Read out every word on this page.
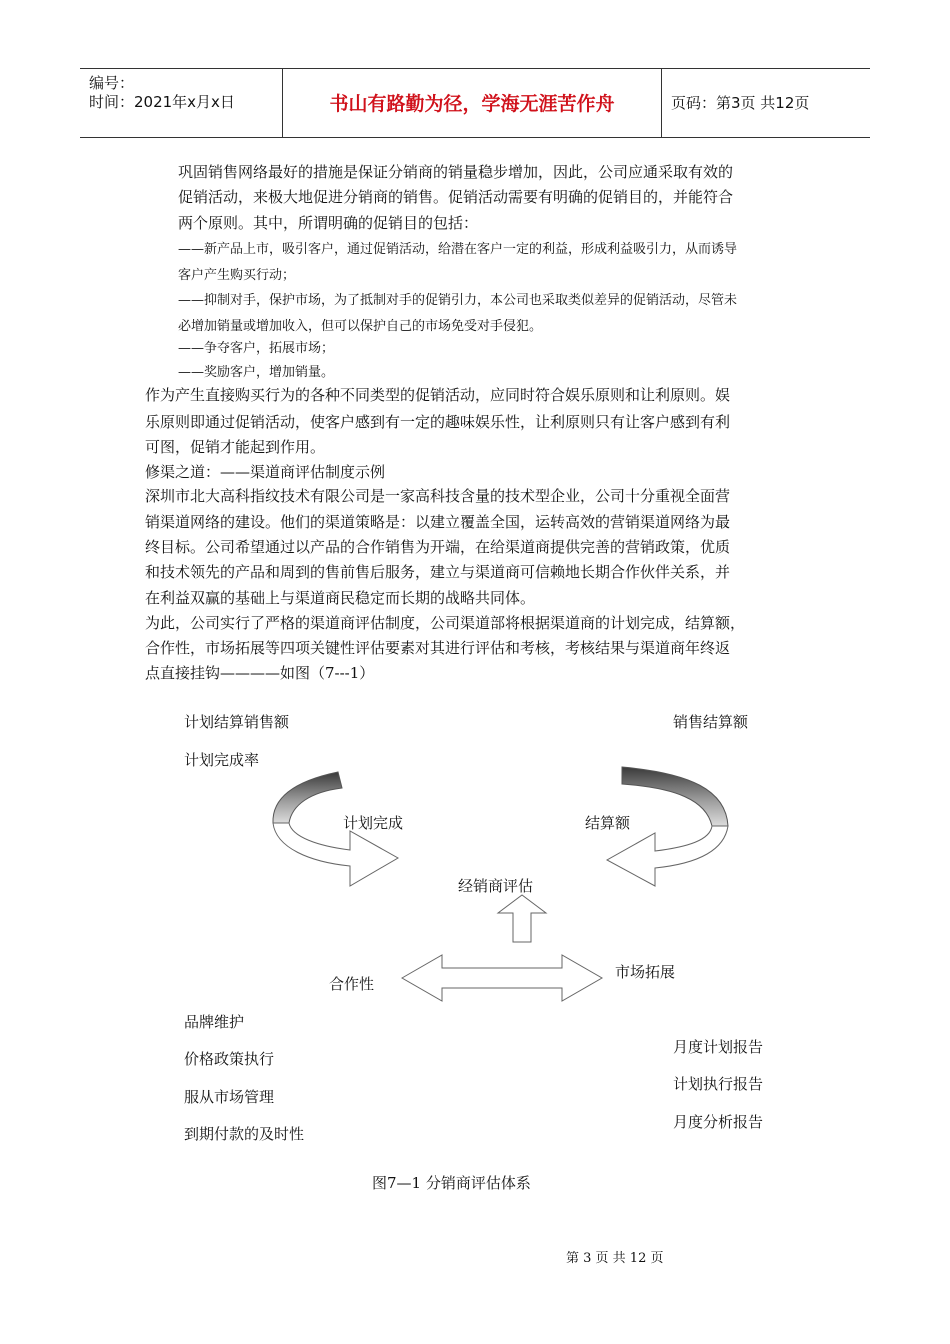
编号：
时间：2021年x月x日	书山有路勤为径，学海无涯苦作舟	页码：第3页 共12页
巩固销售网络最好的措施是保证分销商的销量稳步增加，因此，公司应通采取有效的
促销活动，来极大地促进分销商的销售。促销活动需要有明确的促销目的，并能符合
两个原则。其中，所谓明确的促销目的包括：
——新产品上市，吸引客户，通过促销活动，给潜在客户一定的利益，形成利益吸引力，从而诱导
客户产生购买行动；
——抑制对手，保护市场，为了抵制对手的促销引力，本公司也采取类似差异的促销活动，尽管未
必增加销量或增加收入，但可以保护自己的市场免受对手侵犯。
——争夺客户，拓展市场；
——奖励客户，增加销量。
作为产生直接购买行为的各种不同类型的促销活动，应同时符合娱乐原则和让利原则。娱
乐原则即通过促销活动，使客户感到有一定的趣味娱乐性，让利原则只有让客户感到有利
可图，促销才能起到作用。
修渠之道：——渠道商评估制度示例
深圳市北大高科指纹技术有限公司是一家高科技含量的技术型企业，公司十分重视全面营
销渠道网络的建设。他们的渠道策略是：以建立覆盖全国，运转高效的营销渠道网络为最
终目标。公司希望通过以产品的合作销售为开端，在给渠道商提供完善的营销政策，优质
和技术领先的产品和周到的售前售后服务，建立与渠道商可信赖地长期合作伙伴关系，并
在利益双赢的基础上与渠道商民稳定而长期的战略共同体。
为此，公司实行了严格的渠道商评估制度，公司渠道部将根据渠道商的计划完成，结算额，
合作性，市场拓展等四项关键性评估要素对其进行评估和考核，考核结果与渠道商年终返
点直接挂钩————如图（7---1）
计划结算销售额
计划完成率
销售结算额
计划完成	结算额
经销商评估
合作性
市场拓展
品牌维护
价格政策执行
服从市场管理
到期付款的及时性
月度计划报告
计划执行报告
月度分析报告
图7—1 分销商评估体系
第 3 页 共 12 页
